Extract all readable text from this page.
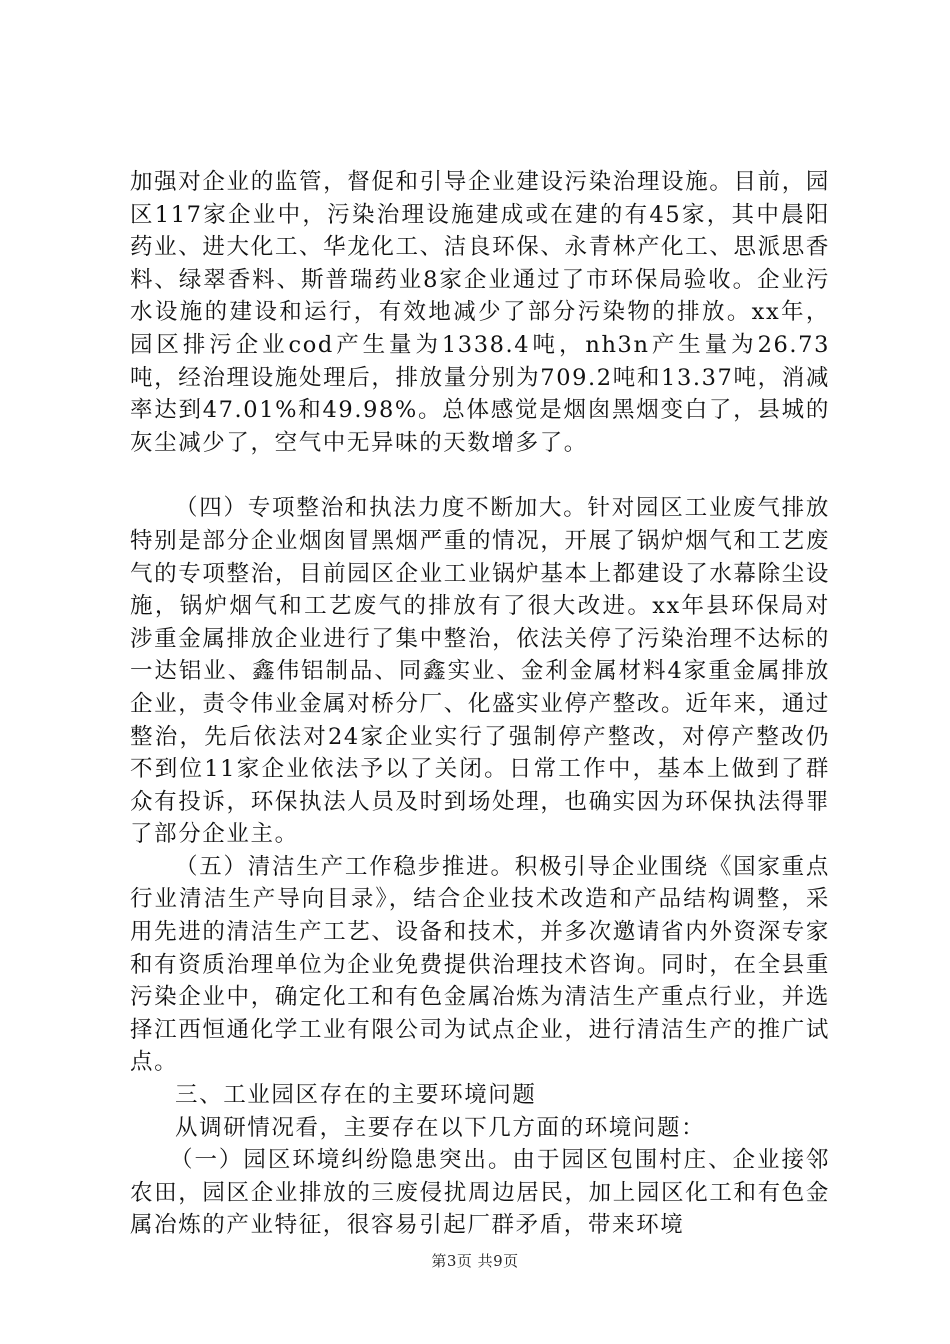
加强对企业的监管，督促和引导企业建设污染治理设施。目前，园区117家企业中，污染治理设施建成或在建的有45家，其中晨阳药业、进大化工、华龙化工、洁良环保、永青林产化工、思派思香料、绿翠香料、斯普瑞药业8家企业通过了市环保局验收。企业污水设施的建设和运行，有效地减少了部分污染物的排放。xx年，园区排污企业cod产生量为1338.4吨，nh3n产生量为26.73吨，经治理设施处理后，排放量分别为709.2吨和13.37吨，消减率达到47.01%和49.98%。总体感觉是烟囱黑烟变白了，县城的灰尘减少了，空气中无异味的天数增多了。

（四）专项整治和执法力度不断加大。针对园区工业废气排放特别是部分企业烟囱冒黑烟严重的情况，开展了锅炉烟气和工艺废气的专项整治，目前园区企业工业锅炉基本上都建设了水幕除尘设施，锅炉烟气和工艺废气的排放有了很大改进。xx年县环保局对涉重金属排放企业进行了集中整治，依法关停了污染治理不达标的一达铝业、鑫伟铝制品、同鑫实业、金利金属材料4家重金属排放企业，责令伟业金属对桥分厂、化盛实业停产整改。近年来，通过整治，先后依法对24家企业实行了强制停产整改，对停产整改仍不到位11家企业依法予以了关闭。日常工作中，基本上做到了群众有投诉，环保执法人员及时到场处理，也确实因为环保执法得罪了部分企业主。

（五）清洁生产工作稳步推进。积极引导企业围绕《国家重点行业清洁生产导向目录》，结合企业技术改造和产品结构调整，采用先进的清洁生产工艺、设备和技术，并多次邀请省内外资深专家和有资质治理单位为企业免费提供治理技术咨询。同时，在全县重污染企业中，确定化工和有色金属冶炼为清洁生产重点行业，并选择江西恒通化学工业有限公司为试点企业，进行清洁生产的推广试点。

三、工业园区存在的主要环境问题

从调研情况看，主要存在以下几方面的环境问题：

（一）园区环境纠纷隐患突出。由于园区包围村庄、企业接邻农田，园区企业排放的三废侵扰周边居民，加上园区化工和有色金属冶炼的产业特征，很容易引起厂群矛盾，带来环境

第3页 共9页
